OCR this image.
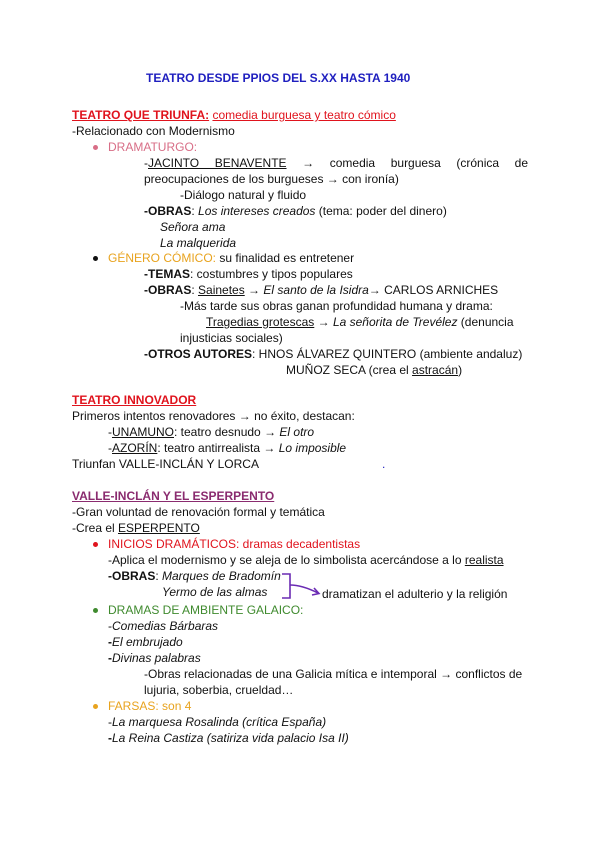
TEATRO DESDE PPIOS DEL S.XX HASTA 1940
TEATRO QUE TRIUNFA: comedia burguesa y teatro cómico
-Relacionado con Modernismo
DRAMATURGO:
-JACINTO BENAVENTE → comedia burguesa (crónica de
preocupaciones de los burgueses → con ironía)
-Diálogo natural y fluido
-OBRAS: Los intereses creados (tema: poder del dinero)
Señora ama
La malquerida
GÉNERO CÓMICO: su finalidad es entretener
-TEMAS: costumbres y tipos populares
-OBRAS: Sainetes → El santo de la Isidra→ CARLOS ARNICHES
-Más tarde sus obras ganan profundidad humana y drama:
Tragedias grotescas → La señorita de Trevélez (denuncia
injusticias sociales)
-OTROS AUTORES: HNOS ÁLVAREZ QUINTERO (ambiente andaluz)
MUÑOZ SECA (crea el astracán)
TEATRO INNOVADOR
Primeros intentos renovadores → no éxito, destacan:
-UNAMUNO: teatro desnudo → El otro
-AZORÍN: teatro antirrealista → Lo imposible
Triunfan VALLE-INCLÁN Y LORCA	.
VALLE-INCLÁN Y EL ESPERPENTO
-Gran voluntad de renovación formal y temática
-Crea el ESPERPENTO
INICIOS DRAMÁTICOS: dramas decadentistas
-Aplica el modernismo y se aleja de lo simbolista acercándose a lo realista
-OBRAS: Marques de Bradomín
Yermo de las almas	dramatizan el adulterio y la religión
DRAMAS DE AMBIENTE GALAICO:
-Comedias Bárbaras
-El embrujado
-Divinas palabras
-Obras relacionadas de una Galicia mítica e intemporal → conflictos de
lujuria, soberbia, crueldad…
FARSAS: son 4
-La marquesa Rosalinda (crítica España)
-La Reina Castiza (satiriza vida palacio Isa II)
